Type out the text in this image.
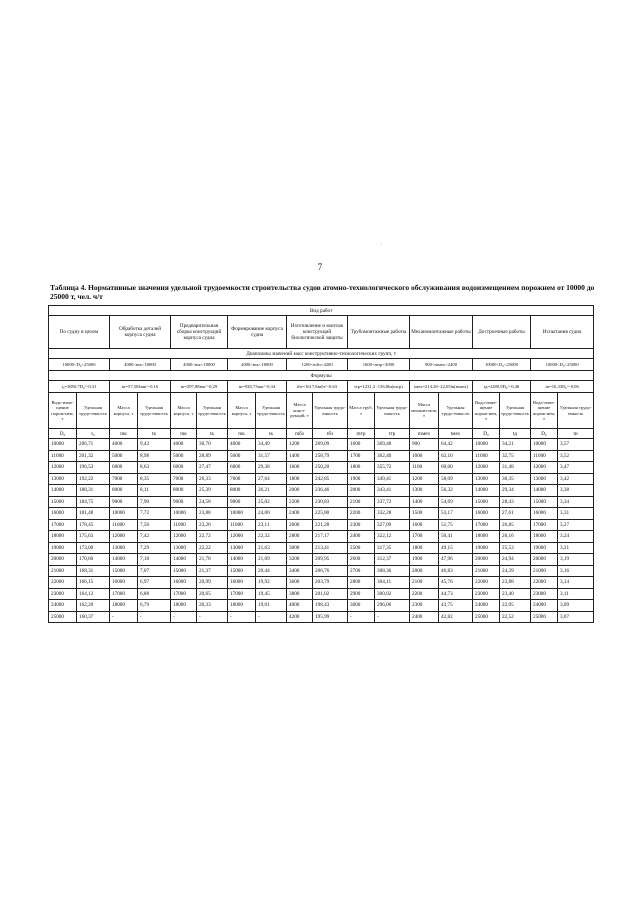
˙
7
Таблица 4. Нормативные значения удельной трудоемкости строительства судов атомно-технологического обслуживания водоизмещением порожнем от 10000 до 25000 т, чел. ч/т
Вид работ																	
По судну в целом		Обработка деталей корпуса судна		Предварительная сборка конструкций корпуса судна		Формирование корпуса судна		Изготовление и монтаж конструкций биологической защиты		Трубомонтажные работы		Механомонтажные работы		Достроечные работы		Испытания судна	
Диапазоны значений масс конструктивно-технологических групп, т																	
10000<D₀<25000		4000<mк<18000		4000<mк<18000		4000<mк<18000		1200<mбз<4200		1600<mтр<3000		900<mмех<2400		10000<D₀<25000		10000<D₀<25000	
Формулы																	
t₀=3850,7D₀^-0,31		tк=57,504mк^-0,16		tк=297,88mк^-0,29		tк=920,73mк^-0,34		tбз=1617,8mбз^-0,63		tтр=1231,2−136,8ln(mтр)		tмех=214,28−22,05ln(mмех)		tд=2280,9D₀^-0,46		tи=16,33D₀^-0,06	
Водо-изме-щение порож-нем, т	Удельная трудо-емкость	Масса корпуса, т	Удельная трудо-емкость	Масса корпуса, т	Удельная трудо-емкость	Масса корпуса, т	Удельная трудо-емкость	Масса конст-рукций, т	Удельная трудо-емкость	Масса труб, т	Удельная трудо-емкость	Масса механиз-мов, т	Удельная трудо-емкость	Водо-изме-щение порож-нем, т	Удельная трудо-емкость	Водо-изме-щение порож-нем, т	Удельная трудо-емкость
D₀	t₀	mк	tк	mк	tк	mк	tк	mбз	tбз	mтр	tтр	mмех	tмех	D₀	tд	D₀	tи
10000	206,71	4000	9,43	4000	30,70	4000	34,49	1200	269,09	1600	369,48	900	64,42	10000	34,21	10000	3,57
11000	201,32	5000	8,98	5000	28,89	5000	31,57	1400	258,79	1700	362,40	1000	62,10	11000	32,75	11000	3,52
12000	196,53	6000	8,63	6000	27,47	6000	29,38	1600	250,20	1800	355,72	1100	60,00	12000	31,48	12000	3,47
13000	192,22	7000	8,35	7000	26,33	7000	27,64	1800	242,85	1900	349,41	1200	58,09	13000	30,35	13000	3,42
14000	188,31	8000	8,11	8000	25,39	8000	26,21	2000	236,46	2000	343,41	1300	56,32	14000	29,34	14000	3,38
15000	184,75	9000	7,90	9000	24,58	9000	25,02	2200	230,83	2100	337,72	1400	54,69	15000	28,43	15000	3,34
16000	181,48	10000	7,72	10000	23,88	10000	24,00	2400	225,80	2200	332,28	1500	53,17	16000	27,61	16000	3,31
17000	178,45	11000	7,56	11000	23,26	11000	23,11	2600	221,28	2300	327,09	1600	51,75	17000	26,85	17000	3,27
18000	175,63	12000	7,42	12000	22,72	12000	22,32	2800	217,17	2400	322,12	1700	50,41	18000	26,16	18000	3,24
19000	173,00	13000	7,29	13000	22,22	13000	21,63	3000	213,41	2500	317,35	1800	49,15	19000	25,53	19000	3,21
20000	170,60	14000	7,18	14000	21,78	14000	21,09	3200	209,95	2600	312,37	1900	47,96	20000	24,94	20000	3,19
21000	168,31	15000	7,07	15000	21,37	15000	20,44	3400	206,76	2700	308,36	2000	46,83	21000	24,39	21000	3,16
22000	166,15	16000	6,97	16000	20,99	16000	19,92	3600	203,79	2800	304,11	2100	45,76	22000	23,88	22000	3,14
23000	164,12	17000	6,88	17000	20,65	17000	19,45	3800	201,02	2900	300,02	2200	44,73	23000	23,40	23000	3,11
24000	162,20	18000	6,79	18000	20,33	18000	19,01	4000	198,43	3000	296,06	2300	43,75	24000	22,95	24000	3,09
25000	160,37	-	-	-	-	-	-	4200	195,99	-	-	2400	42,82	25000	22,52	25000	3,07
